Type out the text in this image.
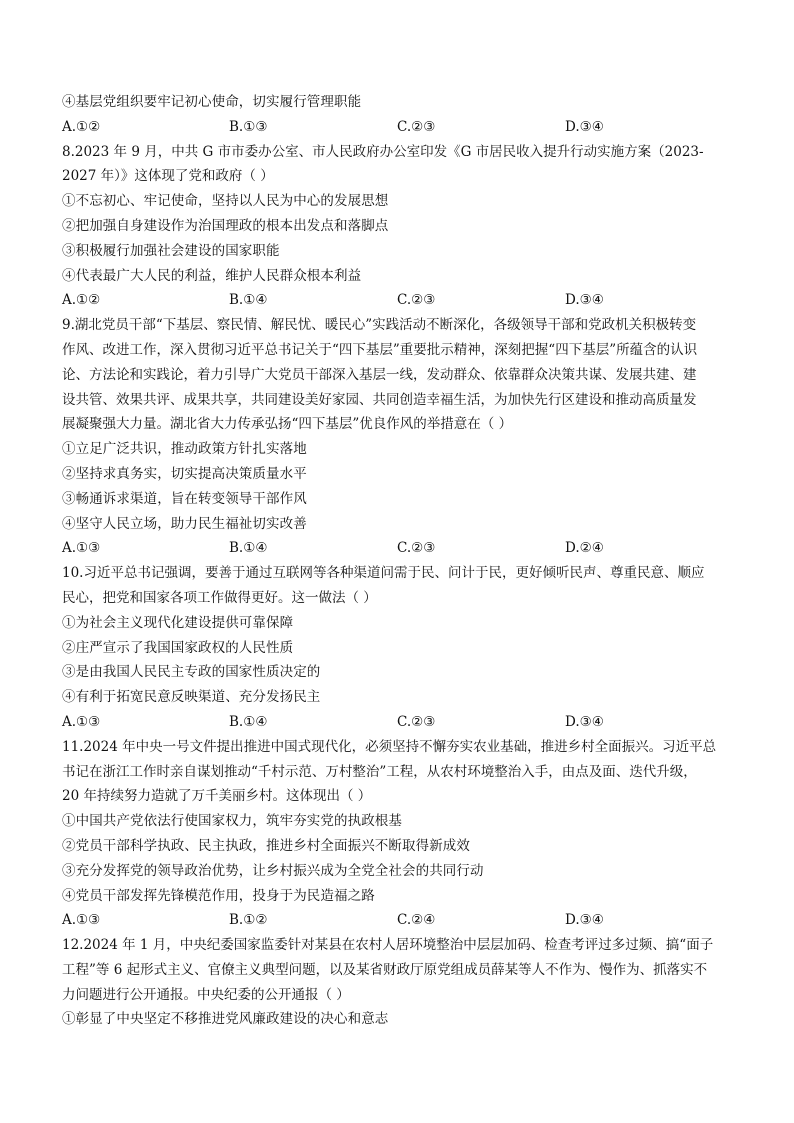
④基层党组织要牢记初心使命，切实履行管理职能
A.①②	B.①③	C.②③	D.③④
8.2023 年 9 月，中共 G 市市委办公室、市人民政府办公室印发《G 市居民收入提升行动实施方案（2023-
2027 年）》这体现了党和政府（ ）
①不忘初心、牢记使命，坚持以人民为中心的发展思想
②把加强自身建设作为治国理政的根本出发点和落脚点
③积极履行加强社会建设的国家职能
④代表最广大人民的利益，维护人民群众根本利益
A.①②	B.①④	C.②③	D.③④
9.湖北党员干部“下基层、察民情、解民忧、暖民心”实践活动不断深化，各级领导干部和党政机关积极转变
作风、改进工作，深入贯彻习近平总书记关于“四下基层”重要批示精神，深刻把握“四下基层”所蕴含的认识
论、方法论和实践论，着力引导广大党员干部深入基层一线，发动群众、依靠群众决策共谋、发展共建、建
设共管、效果共评、成果共享，共同建设美好家园、共同创造幸福生活，为加快先行区建设和推动高质量发
展凝聚强大力量。湖北省大力传承弘扬“四下基层”优良作风的举措意在（ ）
①立足广泛共识，推动政策方针扎实落地
②坚持求真务实，切实提高决策质量水平
③畅通诉求渠道，旨在转变领导干部作风
④坚守人民立场，助力民生福祉切实改善
A.①③	B.①④	C.②③	D.②④
10.习近平总书记强调，要善于通过互联网等各种渠道问需于民、问计于民，更好倾听民声、尊重民意、顺应
民心，把党和国家各项工作做得更好。这一做法（ ）
①为社会主义现代化建设提供可靠保障
②庄严宣示了我国国家政权的人民性质
③是由我国人民民主专政的国家性质决定的
④有利于拓宽民意反映渠道、充分发扬民主
A.①③	B.①④	C.②③	D.③④
11.2024 年中央一号文件提出推进中国式现代化，必须坚持不懈夯实农业基础，推进乡村全面振兴。习近平总
书记在浙江工作时亲自谋划推动“千村示范、万村整治”工程，从农村环境整治入手，由点及面、迭代升级，
20 年持续努力造就了万千美丽乡村。这体现出（ ）
①中国共产党依法行使国家权力，筑牢夯实党的执政根基
②党员干部科学执政、民主执政，推进乡村全面振兴不断取得新成效
③充分发挥党的领导政治优势，让乡村振兴成为全党全社会的共同行动
④党员干部发挥先锋模范作用，投身于为民造福之路
A.①③	B.①②	C.②④	D.③④
12.2024 年 1 月，中央纪委国家监委针对某县在农村人居环境整治中层层加码、检查考评过多过频、搞“面子
工程”等 6 起形式主义、官僚主义典型问题，以及某省财政厅原党组成员薛某等人不作为、慢作为、抓落实不
力问题进行公开通报。中央纪委的公开通报（ ）
①彰显了中央坚定不移推进党风廉政建设的决心和意志
